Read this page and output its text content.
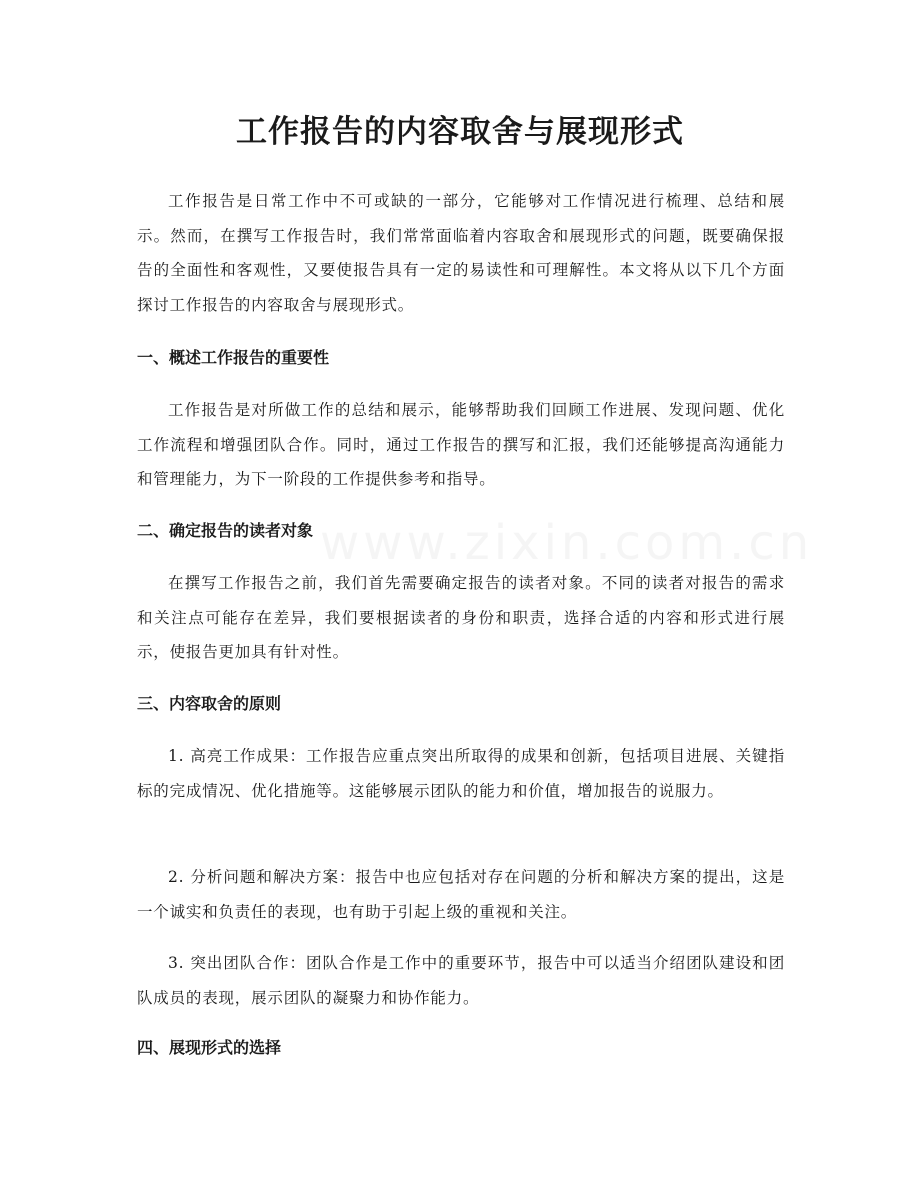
www.zixin.com.cn
工作报告的内容取舍与展现形式

工作报告是日常工作中不可或缺的一部分，它能够对工作情况进行梳理、总结和展示。然而，在撰写工作报告时，我们常常面临着内容取舍和展现形式的问题，既要确保报告的全面性和客观性，又要使报告具有一定的易读性和可理解性。本文将从以下几个方面探讨工作报告的内容取舍与展现形式。

一、概述工作报告的重要性

工作报告是对所做工作的总结和展示，能够帮助我们回顾工作进展、发现问题、优化工作流程和增强团队合作。同时，通过工作报告的撰写和汇报，我们还能够提高沟通能力和管理能力，为下一阶段的工作提供参考和指导。

二、确定报告的读者对象

在撰写工作报告之前，我们首先需要确定报告的读者对象。不同的读者对报告的需求和关注点可能存在差异，我们要根据读者的身份和职责，选择合适的内容和形式进行展示，使报告更加具有针对性。

三、内容取舍的原则

1. 高亮工作成果：工作报告应重点突出所取得的成果和创新，包括项目进展、关键指标的完成情况、优化措施等。这能够展示团队的能力和价值，增加报告的说服力。

2. 分析问题和解决方案：报告中也应包括对存在问题的分析和解决方案的提出，这是一个诚实和负责任的表现，也有助于引起上级的重视和关注。

3. 突出团队合作：团队合作是工作中的重要环节，报告中可以适当介绍团队建设和团队成员的表现，展示团队的凝聚力和协作能力。

四、展现形式的选择
